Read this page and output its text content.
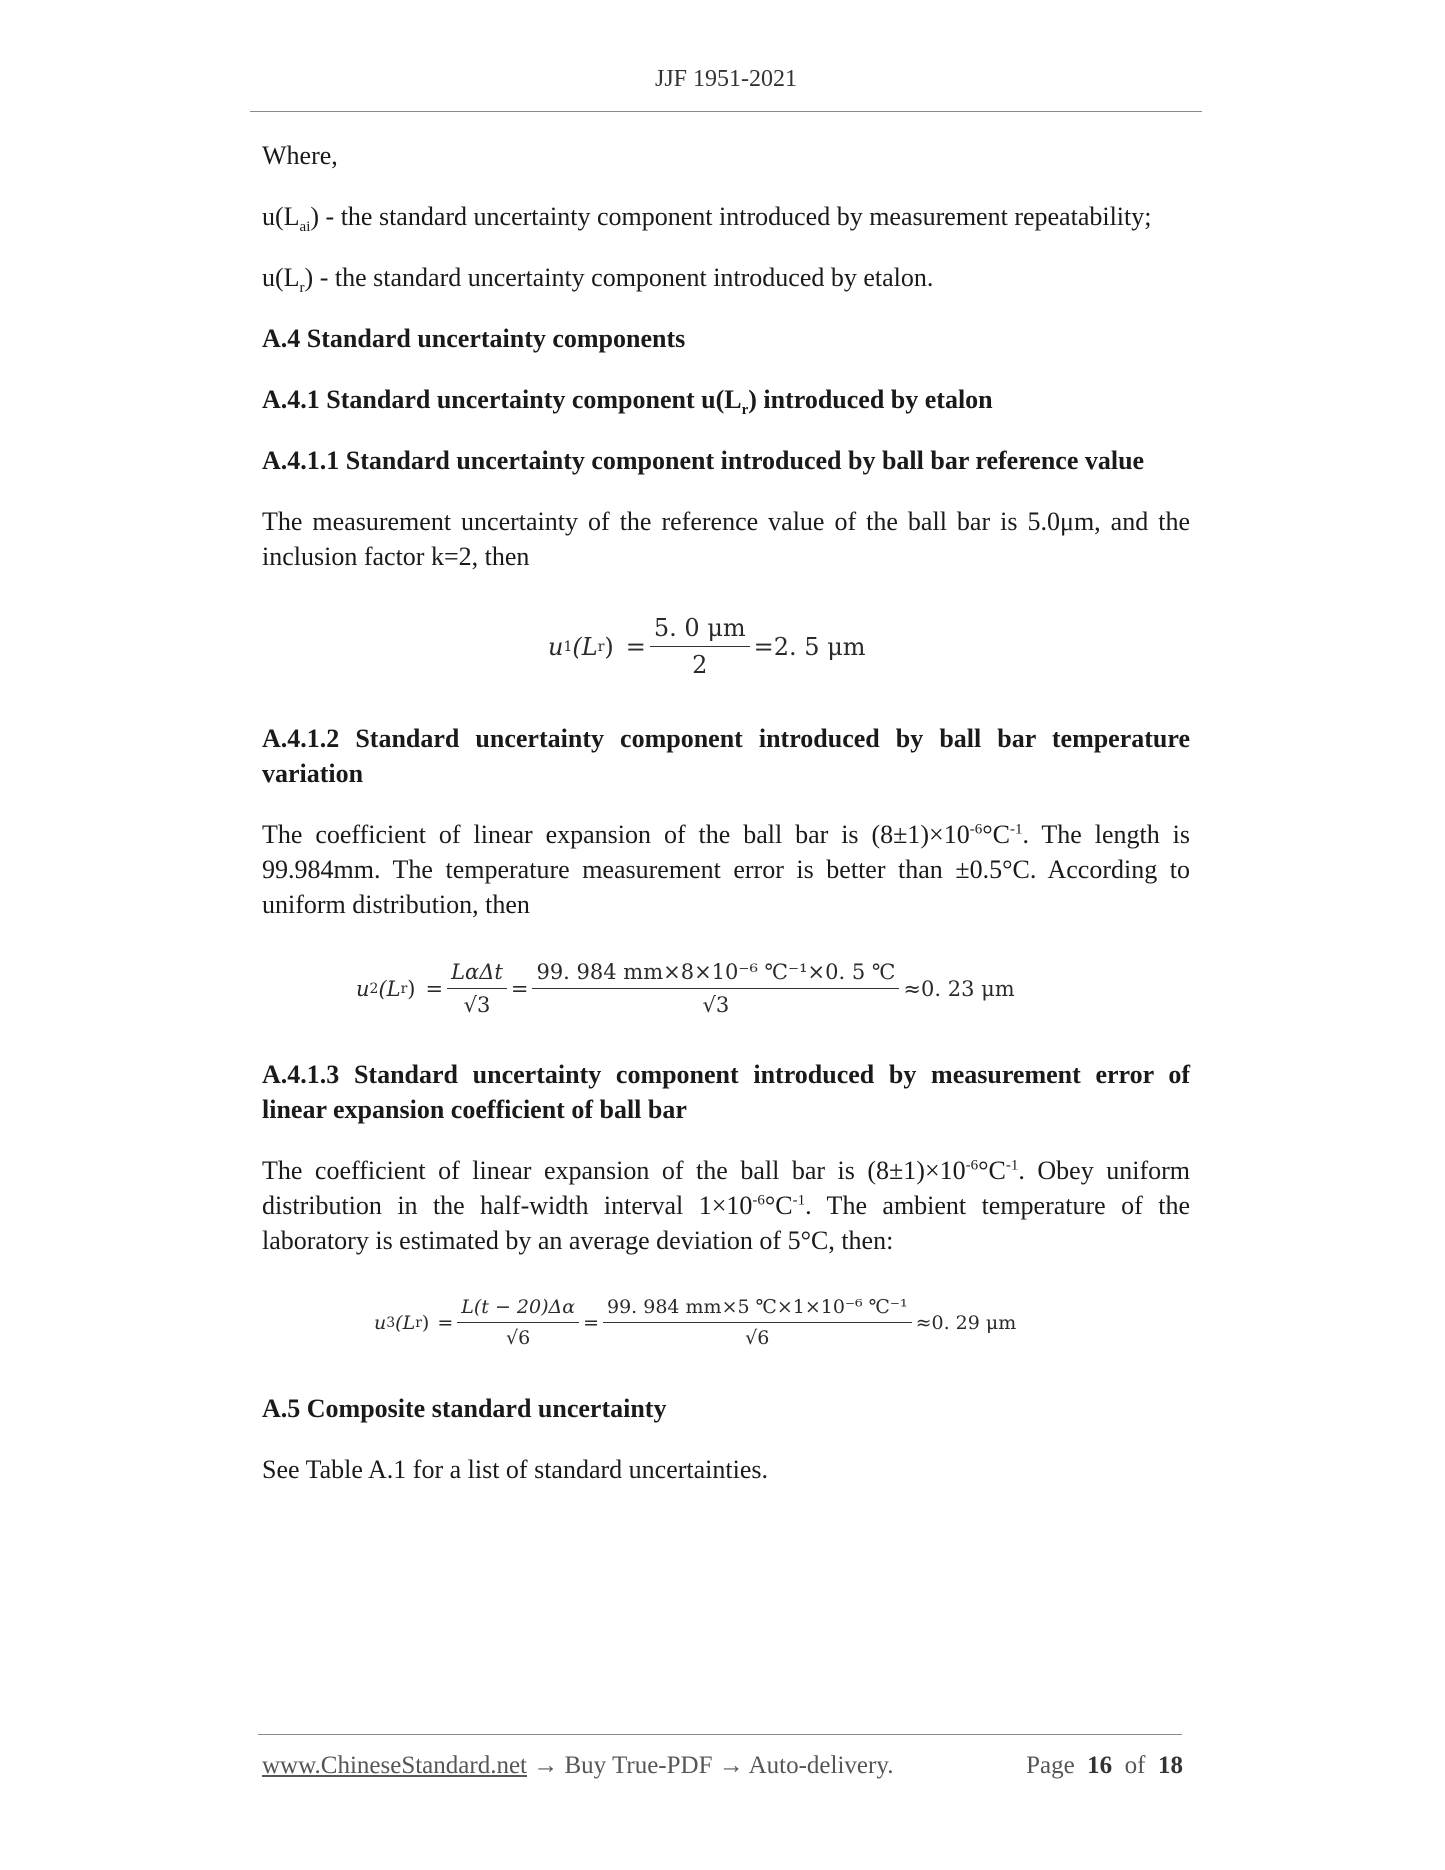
JJF 1951-2021

Where,

$u(L_{ai})$ - the standard uncertainty component introduced by measurement repeatability;

$u(L_r)$ - the standard uncertainty component introduced by etalon.

A.4 Standard uncertainty components

A.4.1 Standard uncertainty component $u(L_r)$ introduced by etalon

A.4.1.1 Standard uncertainty component introduced by ball bar reference value

The measurement uncertainty of the reference value of the ball bar is 5.0μm, and the inclusion factor k=2, then

u 1 (L r ) = $\frac{5. 0 \mu m}{2} =2$. 5 μm

A.4.1.2 Standard uncertainty component introduced by ball bar temperature variation

The coefficient of linear expansion of the ball bar is $(8\pm 1)\times 10^{-6}^\circ C^{-1}$. The length is 99.984mm. The temperature measurement error is better than ±0.5°C. According to uniform distribution, then

u 2 (L r ) = $\frac{\text{LαΔt}}{√3} = \frac{\text{99. 984 mm×8×10⁻⁶ ℃⁻¹×0. 5 ℃}}{√3} \approx 0$. 23 μm

A.4.1.3 Standard uncertainty component introduced by measurement error of linear expansion coefficient of ball bar

The coefficient of linear expansion of the ball bar is $(8\pm 1)\times 10^{-6}^\circ C^{-1}$. Obey uniform distribution in the half-width interval $1\times 10^{-6}^\circ C^{-1}$. The ambient temperature of the laboratory is estimated by an average deviation of 5°C, then:

u 3 (L r ) = $\frac{L(t - 20)\Delta\alpha}{√6} = \frac{\text{99. 984 mm×5 ℃×1×10⁻⁶ ℃⁻¹}}{√6} \approx 0$. 29 μm

A.5 Composite standard uncertainty

See Table A.1 for a list of standard uncertainties.

www.ChineseStandard.net → Buy True-PDF → Auto-delivery.	Page 16 of 18
